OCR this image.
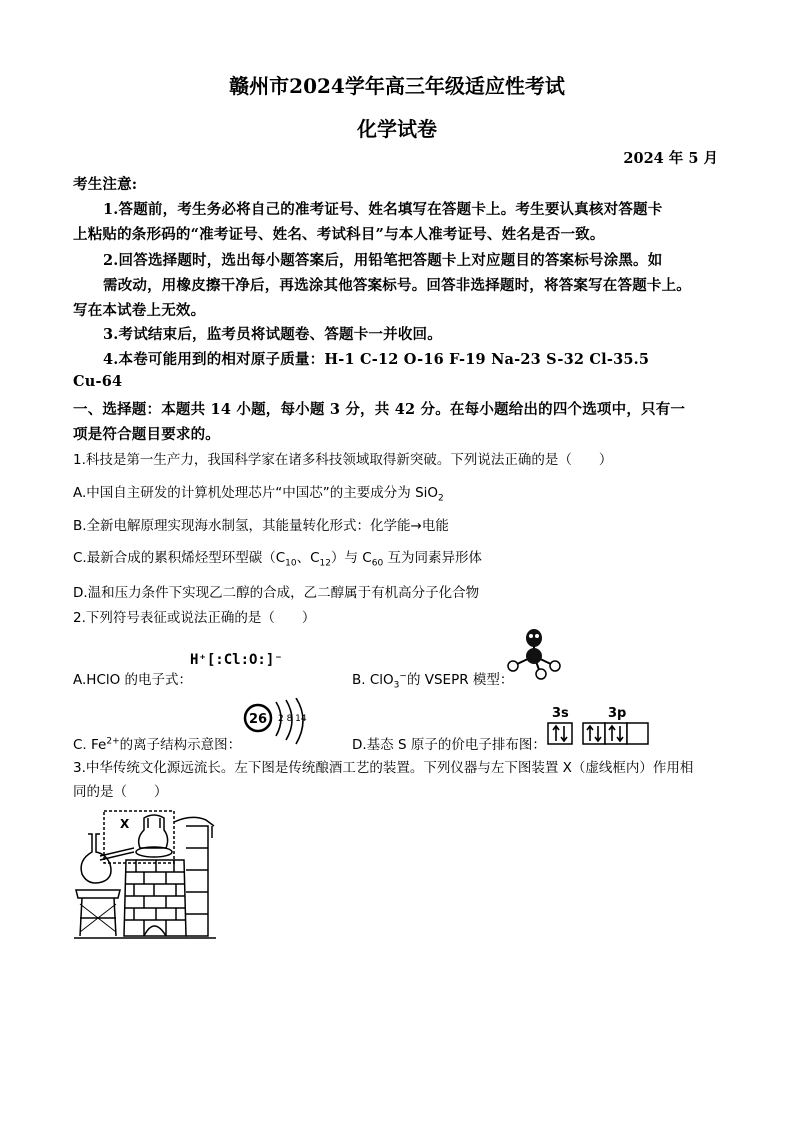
赣州市2024学年高三年级适应性考试
化学试卷
2024 年 5 月
考生注意:
1.答题前，考生务必将自己的准考证号、姓名填写在答题卡上。考生要认真核对答题卡
上粘贴的条形码的“准考证号、姓名、考试科目”与本人准考证号、姓名是否一致。
2.回答选择题时，选出每小题答案后，用铅笔把答题卡上对应题目的答案标号涂黑。如
需改动，用橡皮擦干净后，再选涂其他答案标号。回答非选择题时，将答案写在答题卡上。
写在本试卷上无效。
3.考试结束后，监考员将试题卷、答题卡一并收回。
4.本卷可能用到的相对原子质量：H-1 C-12 O-16 F-19 Na-23 S-32 Cl-35.5
Cu-64
一、选择题：本题共 14 小题，每小题 3 分，共 42 分。在每小题给出的四个选项中，只有一
项是符合题目要求的。
1.科技是第一生产力，我国科学家在诸多科技领域取得新突破。下列说法正确的是（　　）
A.中国自主研发的计算机处理芯片“中国芯”的主要成分为 SiO$_2$
B.全新电解原理实现海水制氢，其能量转化形式：化学能→电能
C.最新合成的累积烯烃型环型碳（$C_{10}$、$C_{12}$）与 $C_{60}$ 互为同素异形体
D.温和压力条件下实现乙二醇的合成，乙二醇属于有机高分子化合物
2.下列符号表征或说法正确的是（　　）
A.HClO 的电子式：
H⁺[:Cl:O:]⁻
B. ClO$_3$−的 VSEPR 模型：
C. $Fe^{2+}$的离子结构示意图：
26 2 8 14
D.基态 S 原子的价电子排布图：
3s	3p
3.中华传统文化源远流长。左下图是传统酿酒工艺的装置。下列仪器与左下图装置 X（虚线框内）作用相
同的是（　　）
X
